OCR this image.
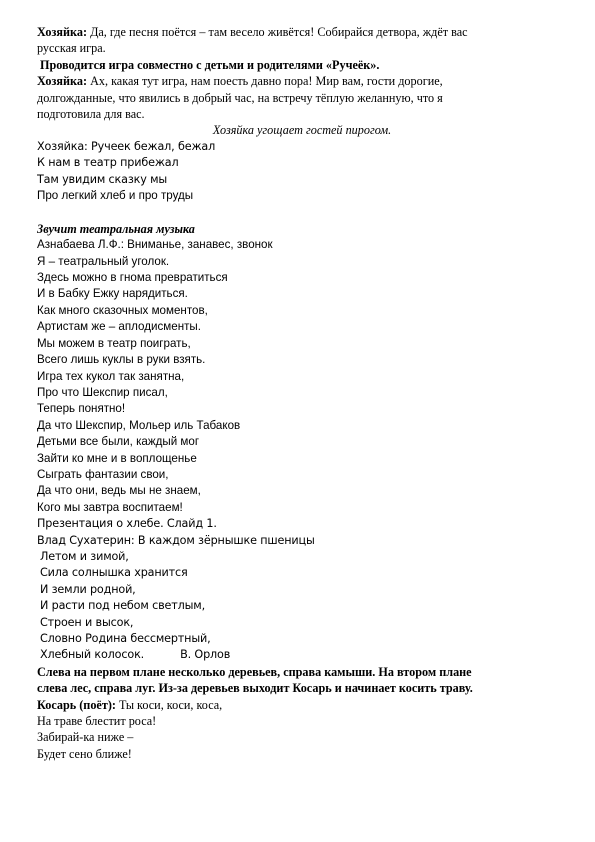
Хозяйка: Да, где песня поётся – там весело живётся! Собирайся детвора, ждёт вас
русская игра.
Проводится игра совместно с детьми и родителями «Ручеёк».
Хозяйка: Ах, какая тут игра, нам поесть давно пора! Мир вам, гости дорогие,
долгожданные, что явились в добрый час, на встречу тёплую желанную, что я
подготовила для вас.
Хозяйка угощает гостей пирогом.
Хозяйка: Ручеек бежал, бежал
К нам в театр прибежал
Там увидим сказку мы
Про легкий хлеб и про труды
Звучит театральная музыка
Азнабаева Л.Ф.: Вниманье, занавес, звонок
Я – театральный уголок.
Здесь можно в гнома превратиться
И в Бабку Ежку нарядиться.
Как много сказочных моментов,
Артистам же – аплодисменты.
Мы можем в театр поиграть,
Всего лишь куклы в руки взять.
Игра тех кукол так занятна,
Про что Шекспир писал,
Теперь понятно!
Да что Шекспир, Мольер иль Табаков
Детьми все были, каждый мог
Зайти ко мне и в воплощенье
Сыграть фантазии свои,
Да что они, ведь мы не знаем,
Кого мы завтра воспитаем!
Презентация о хлебе. Слайд 1.
Влад Сухатерин: В каждом зёрнышке пшеницы
Летом и зимой,
Сила солнышка хранится
И земли родной,
И расти под небом светлым,
Строен и высок,
Словно Родина бессмертный,
Хлебный колосок.	В. Орлов
Слева на первом плане несколько деревьев, справа камыши. На втором плане
слева лес, справа луг. Из-за деревьев выходит Косарь и начинает косить траву.
Косарь (поёт): Ты коси, коси, коса,
На траве блестит роса!
Забирай-ка ниже –
Будет сено ближе!
